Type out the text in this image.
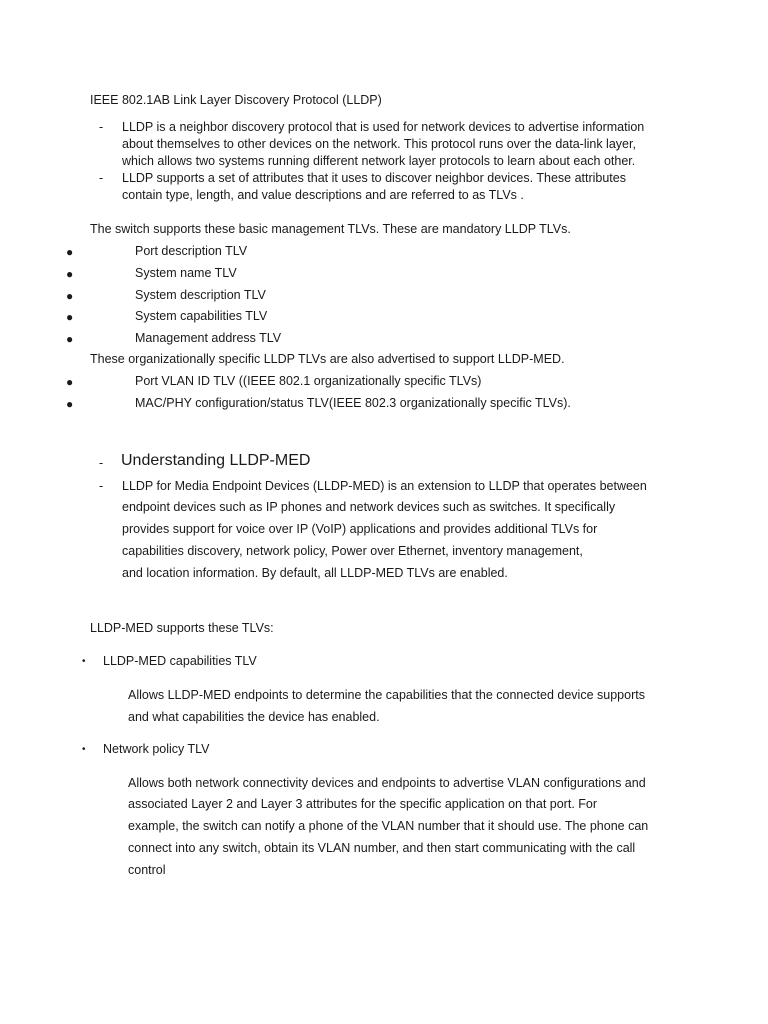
IEEE 802.1AB Link Layer Discovery Protocol (LLDP)
- LLDP is a neighbor discovery protocol that is used for network devices to advertise information
about themselves to other devices on the network. This protocol runs over the data-link layer,
which allows two systems running different network layer protocols to learn about each other.
- LLDP supports a set of attributes that it uses to discover neighbor devices. These attributes
contain type, length, and value descriptions and are referred to as TLVs .
The switch supports these basic management TLVs. These are mandatory LLDP TLVs.
●	Port description TLV
●	System name TLV
●	System description TLV
●	System capabilities TLV
●	Management address TLV
These organizationally specific LLDP TLVs are also advertised to support LLDP-MED.
●	Port VLAN ID TLV ((IEEE 802.1 organizationally specific TLVs)
●	MAC/PHY configuration/status TLV(IEEE 802.3 organizationally specific TLVs).
- Understanding LLDP-MED
- LLDP for Media Endpoint Devices (LLDP-MED) is an extension to LLDP that operates between
endpoint devices such as IP phones and network devices such as switches. It specifically
provides support for voice over IP (VoIP) applications and provides additional TLVs for
capabilities discovery, network policy, Power over Ethernet, inventory management,
and location information. By default, all LLDP-MED TLVs are enabled.
LLDP-MED supports these TLVs:
• LLDP-MED capabilities TLV
Allows LLDP-MED endpoints to determine the capabilities that the connected device supports
and what capabilities the device has enabled.
• Network policy TLV
Allows both network connectivity devices and endpoints to advertise VLAN configurations and
associated Layer 2 and Layer 3 attributes for the specific application on that port. For
example, the switch can notify a phone of the VLAN number that it should use. The phone can
connect into any switch, obtain its VLAN number, and then start communicating with the call
control
